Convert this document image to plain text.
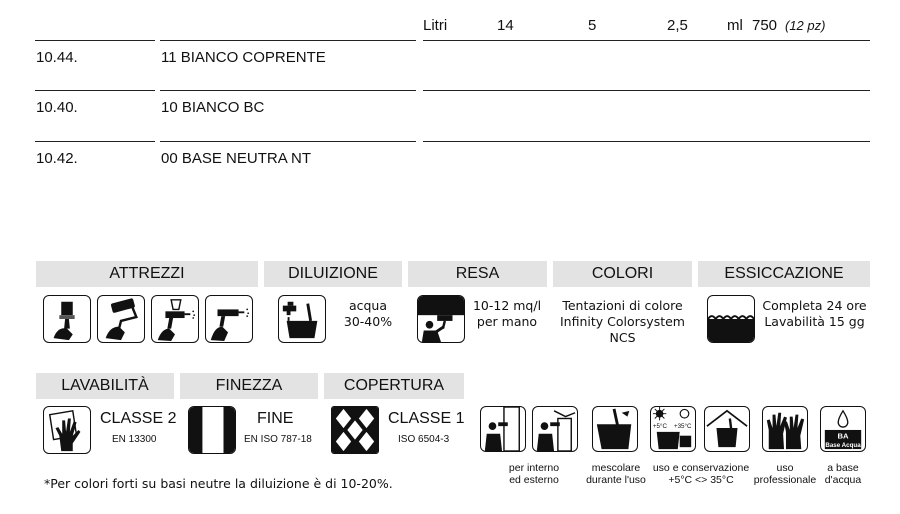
Litri	14	5	2,5	ml 750 (12 pz)
10.44.	11 BIANCO COPRENTE
10.40.	10 BIANCO BC
10.42.	00 BASE NEUTRA NT
ATTREZZI	DILUIZIONE	RESA	COLORI	ESSICCAZIONE
acqua
30-40%
10-12 mq/l
per mano
Tentazioni di colore
Infinity Colorsystem
NCS
Completa 24 ore
Lavabilità 15 gg
LAVABILITÀ	FINEZZA	COPERTURA
CLASSE 2
EN 13300
FINE
EN ISO 787-18
CLASSE 1
ISO 6504-3
+5°C +35°C
BA
Base Acqua
per interno
ed esterno
mescolare
durante l'uso
uso e conservazione
+5°C <> 35°C
uso
professionale
a base
d'acqua
*Per colori forti su basi neutre la diluizione è di 10-20%.
